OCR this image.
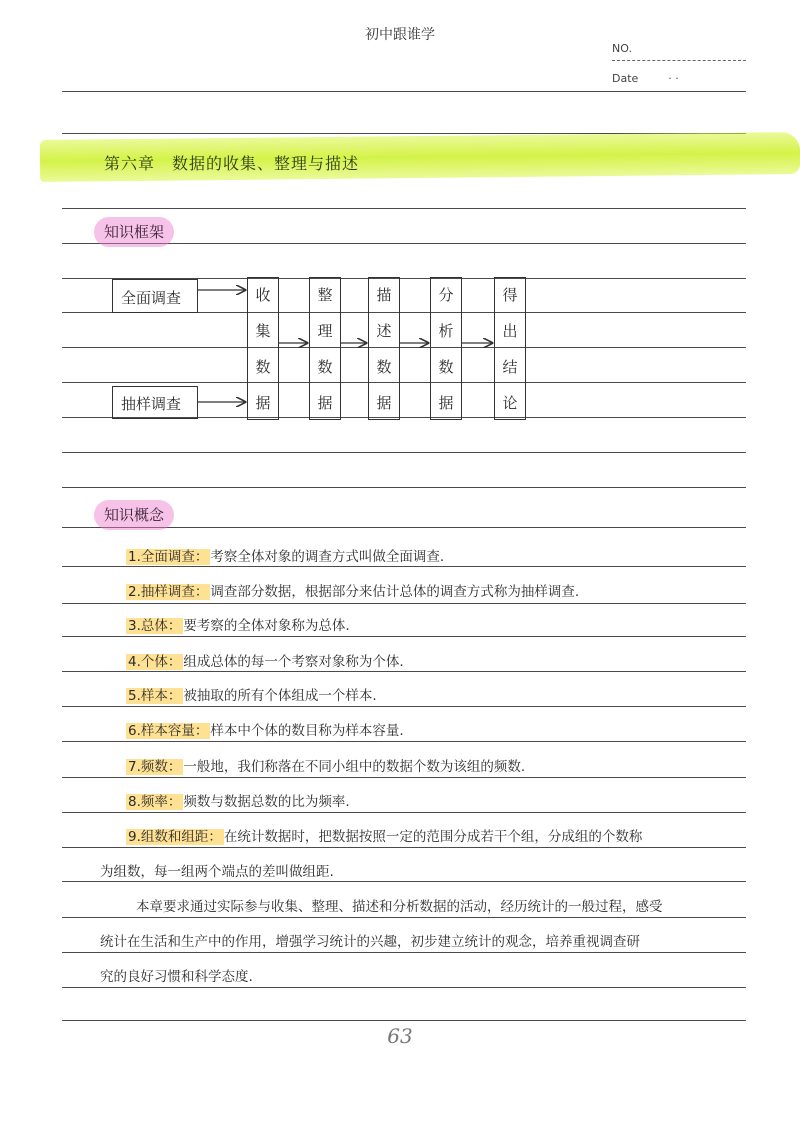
初中跟谁学
NO.
Date	· ·
第六章　数据的收集、整理与描述
知识框架
全面调查
抽样调查
收
集
数
据
整
理
数
据
描
述
数
据
分
析
数
据
得
出
结
论
知识概念
1.全面调查： 考察全体对象的调查方式叫做全面调查.
2.抽样调查： 调查部分数据，根据部分来估计总体的调查方式称为抽样调查.
3.总体： 要考察的全体对象称为总体.
4.个体： 组成总体的每一个考察对象称为个体.
5.样本： 被抽取的所有个体组成一个样本.
6.样本容量： 样本中个体的数目称为样本容量.
7.频数： 一般地，我们称落在不同小组中的数据个数为该组的频数.
8.频率： 频数与数据总数的比为频率.
9.组数和组距： 在统计数据时，把数据按照一定的范围分成若干个组，分成组的个数称
为组数，每一组两个端点的差叫做组距.
本章要求通过实际参与收集、整理、描述和分析数据的活动，经历统计的一般过程，感受
统计在生活和生产中的作用，增强学习统计的兴趣，初步建立统计的观念，培养重视调查研
究的良好习惯和科学态度.
63
